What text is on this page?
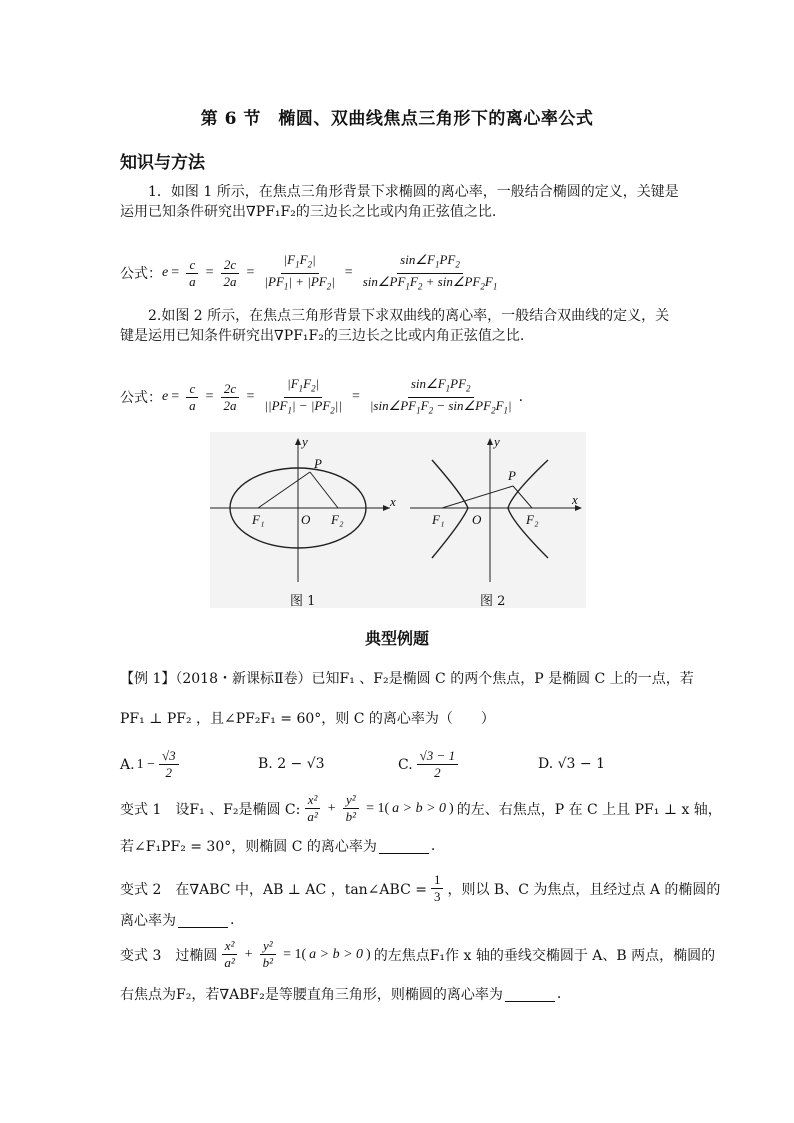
第 6 节　椭圆、双曲线焦点三角形下的离心率公式
知识与方法
1．如图 1 所示，在焦点三角形背景下求椭圆的离心率，一般结合椭圆的定义，关键是运用已知条件研究出∇PF₁F₂的三边长之比或内角正弦值之比.
公式： $e = \frac{c}{a} = \frac{2c}{2a} = \frac{|F_1F_2|}{|PF_1| + |PF_2|} = \frac{\sin\angle F_1PF_2}{\sin\angle PF_1F_2 + \sin\angle PF_2F_1}$
2.如图 2 所示，在焦点三角形背景下求双曲线的离心率，一般结合双曲线的定义，关键是运用已知条件研究出∇PF₁F₂的三边长之比或内角正弦值之比.
公式： $e = \frac{c}{a} = \frac{2c}{2a} = \frac{|F_1F_2|}{||PF_1| - |PF_2||} = \frac{\sin\angle F_1PF_2}{|\sin\angle PF_1F_2 - \sin\angle PF_2F_1|}$ .
y
x
P
F₁	O F₂
图 1
y
x
P
F₁ O	F₂
图 2
典型例题
【例 1】（2018・新课标Ⅱ卷）已知F₁ 、F₂是椭圆 C 的两个焦点，P 是椭圆 C 上的一点，若
PF₁ ⊥ PF₂ ，且∠PF₂F₁ = 60°，则 C 的离心率为（　　）
A. $1 - \frac{√3}{2}$	B. 2 − √3	C. $\frac{√3 - 1}{2}$	D. √3 − 1
变式 1　设F₁ 、F₂是椭圆 C: $\frac{\text{x²}}{\text{a²}} + \frac{\text{y²}}{\text{b²}} = 1$( a > b > 0 ) 的左、右焦点，P 在 C 上且 PF₁ ⊥ x 轴，
若∠F₁PF₂ = 30°，则椭圆 C 的离心率为	.
变式 2　在∇ABC 中，AB ⊥ AC ，tan∠ABC = $\frac{1}{3}$ ，则以 B、C 为焦点，且经过点 A 的椭圆的
离心率为	.
变式 3　过椭圆 $\frac{\text{x²}}{\text{a²}} + \frac{\text{y²}}{\text{b²}} = 1$( a > b > 0 ) 的左焦点F₁作 x 轴的垂线交椭圆于 A、B 两点，椭圆的
右焦点为F₂，若∇ABF₂是等腰直角三角形，则椭圆的离心率为	.
